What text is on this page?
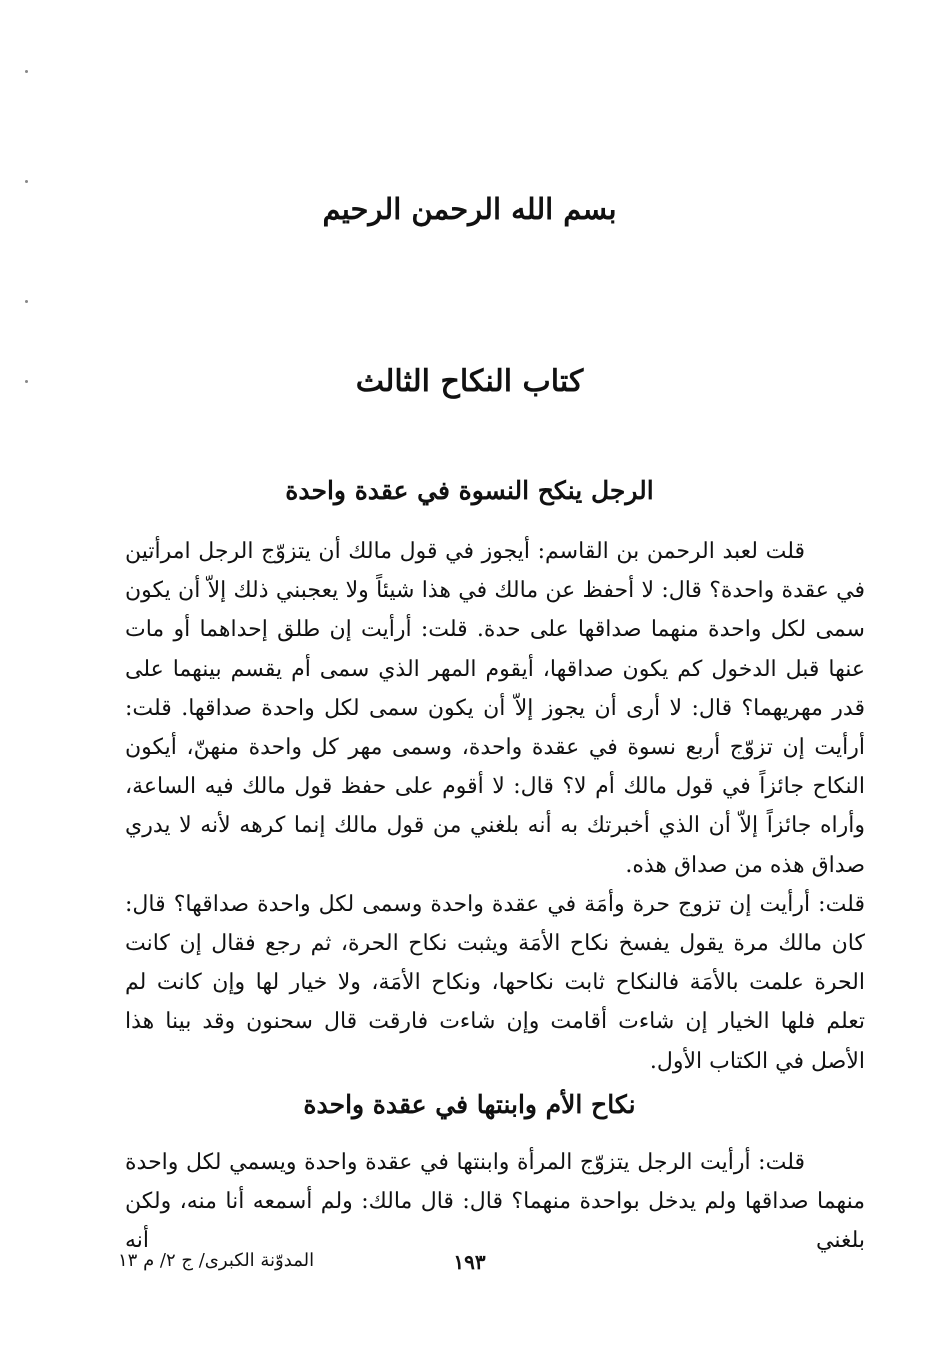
بسم الله الرحمن الرحيم
كتاب النكاح الثالث
الرجل ينكح النسوة في عقدة واحدة

قلت لعبد الرحمن بن القاسم: أيجوز في قول مالك أن يتزوّج الرجل امرأتين في عقدة واحدة؟ قال: لا أحفظ عن مالك في هذا شيئاً ولا يعجبني ذلك إلاّ أن يكون سمى لكل واحدة منهما صداقها على حدة. قلت: أرأيت إن طلق إحداهما أو مات عنها قبل الدخول كم يكون صداقها، أيقوم المهر الذي سمى أم يقسم بينهما على قدر مهريهما؟ قال: لا أرى أن يجوز إلاّ أن يكون سمى لكل واحدة صداقها. قلت: أرأيت إن تزوّج أربع نسوة في عقدة واحدة، وسمى مهر كل واحدة منهنّ، أيكون النكاح جائزاً في قول مالك أم لا؟ قال: لا أقوم على حفظ قول مالك فيه الساعة، وأراه جائزاً إلاّ أن الذي أخبرتك به أنه بلغني من قول مالك إنما كرهه لأنه لا يدري صداق هذه من صداق هذه.

قلت: أرأيت إن تزوج حرة وأمَة في عقدة واحدة وسمى لكل واحدة صداقها؟ قال: كان مالك مرة يقول يفسخ نكاح الأمَة ويثبت نكاح الحرة، ثم رجع فقال إن كانت الحرة علمت بالأمَة فالنكاح ثابت نكاحها، ونكاح الأمَة، ولا خيار لها وإن كانت لم تعلم فلها الخيار إن شاءت أقامت وإن شاءت فارقت قال سحنون وقد بينا هذا الأصل في الكتاب الأول.

نكاح الأم وابنتها في عقدة واحدة

قلت: أرأيت الرجل يتزوّج المرأة وابنتها في عقدة واحدة ويسمي لكل واحدة منهما صداقها ولم يدخل بواحدة منهما؟ قال: قال مالك: ولم أسمعه أنا منه، ولكن بلغني أنه

١٩٣
المدوّنة الكبرى/ ج ٢/ م ١٣
